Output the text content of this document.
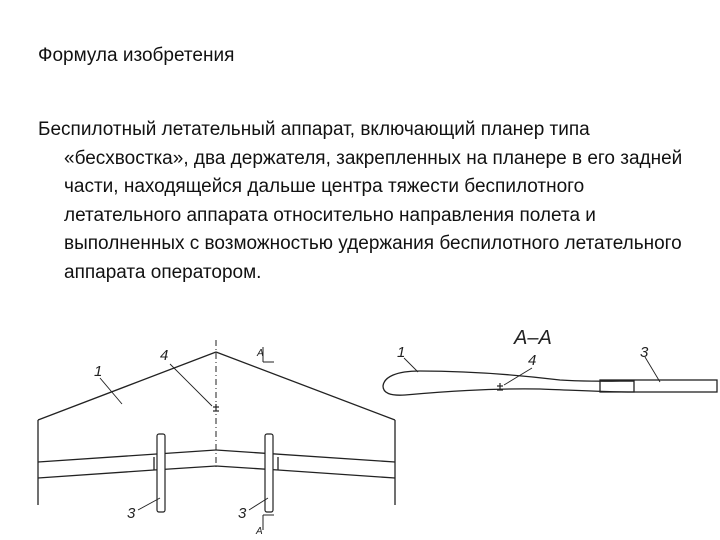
Формула изобретения
Беспилотный летательный аппарат, включающий планер типа «бесхвостка», два держателя, закрепленных на планере в его задней части, находящейся дальше центра тяжести беспилотного летательного аппарата относительно направления полета и выполненных с возможностью удержания беспилотного летательного аппарата оператором.
A
A
1
4
3	3
A–A
1	4	3
